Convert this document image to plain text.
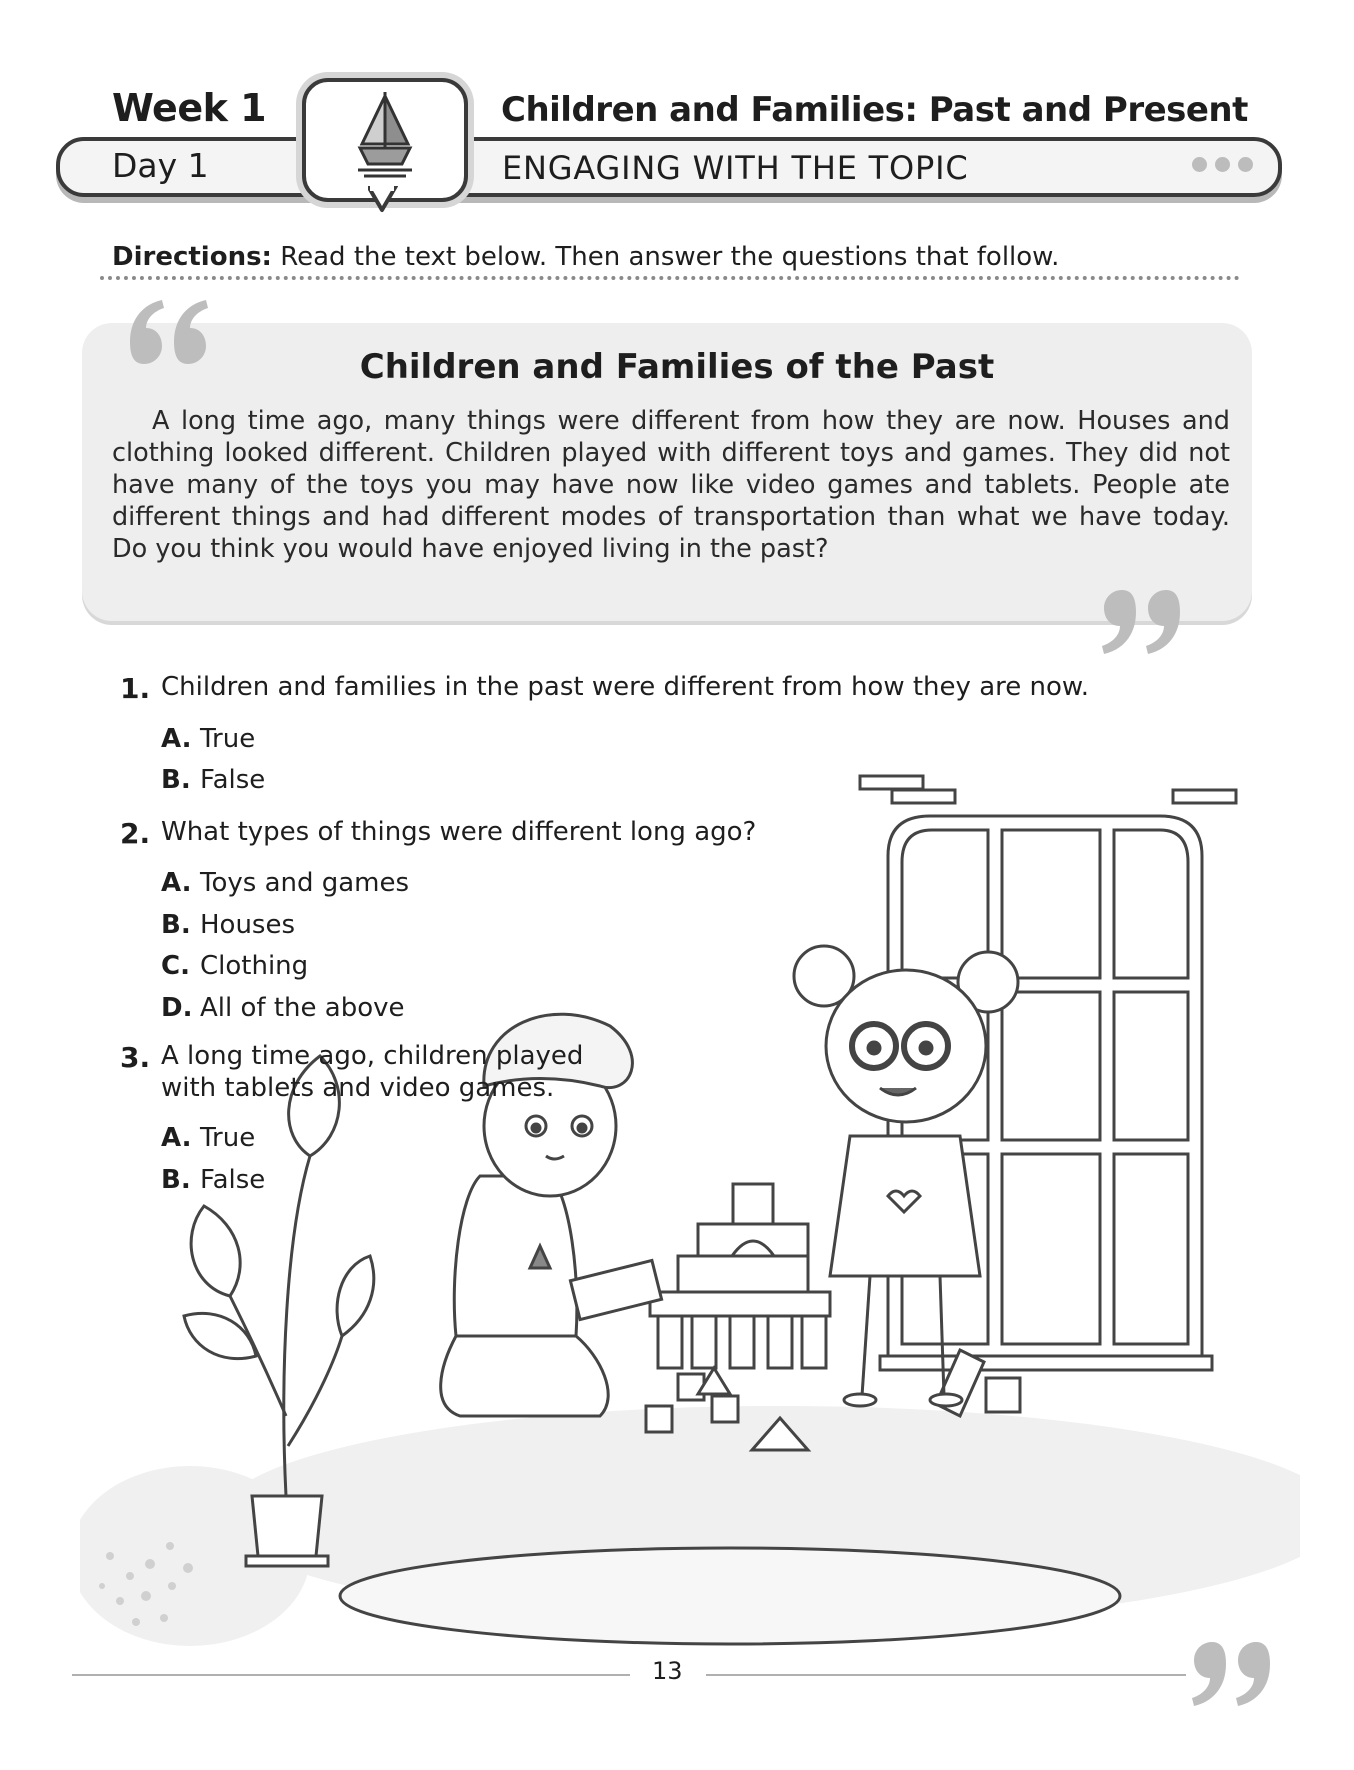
Week 1	Children and Families: Past and Present
Day 1	ENGAGING WITH THE TOPIC
Directions: Read the text below. Then answer the questions that follow.
Children and Families of the Past
A long time ago, many things were different from how they are now. Houses and clothing looked different. Children played with different toys and games. They did not have many of the toys you may have now like video games and tablets. People ate different things and had different modes of transportation than what we have today. Do you think you would have enjoyed living in the past?
1. Children and families in the past were different from how they are now.
A. True
B. False
2. What types of things were different long ago?
A. Toys and games
B. Houses
C. Clothing
D. All of the above
3. A long time ago, children played
with tablets and video games.
A. True
B. False
13
